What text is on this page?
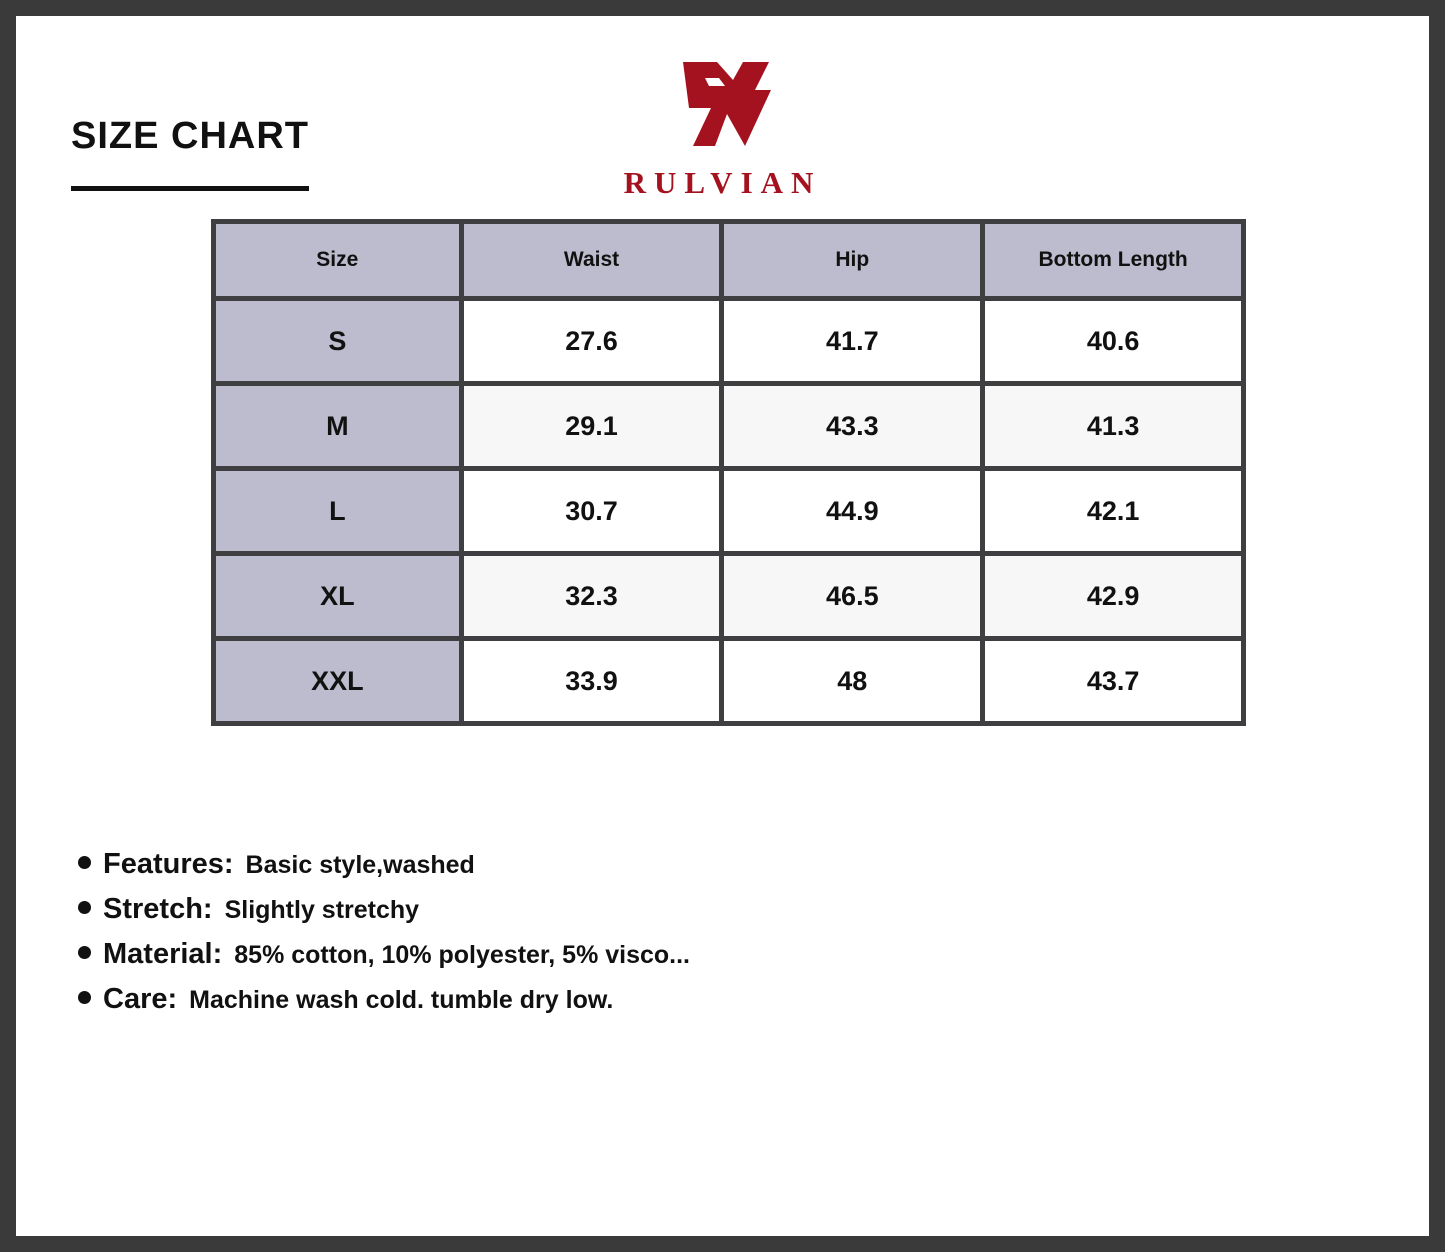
SIZE CHART
RULVIAN
Size	Waist	Hip	Bottom Length
S	27.6	41.7	40.6
M	29.1	43.3	41.3
L	30.7	44.9	42.1
XL	32.3	46.5	42.9
XXL	33.9	48	43.7
Features: Basic style,washed
Stretch: Slightly stretchy
Material: 85% cotton, 10% polyester, 5% visco...
Care: Machine wash cold. tumble dry low.
